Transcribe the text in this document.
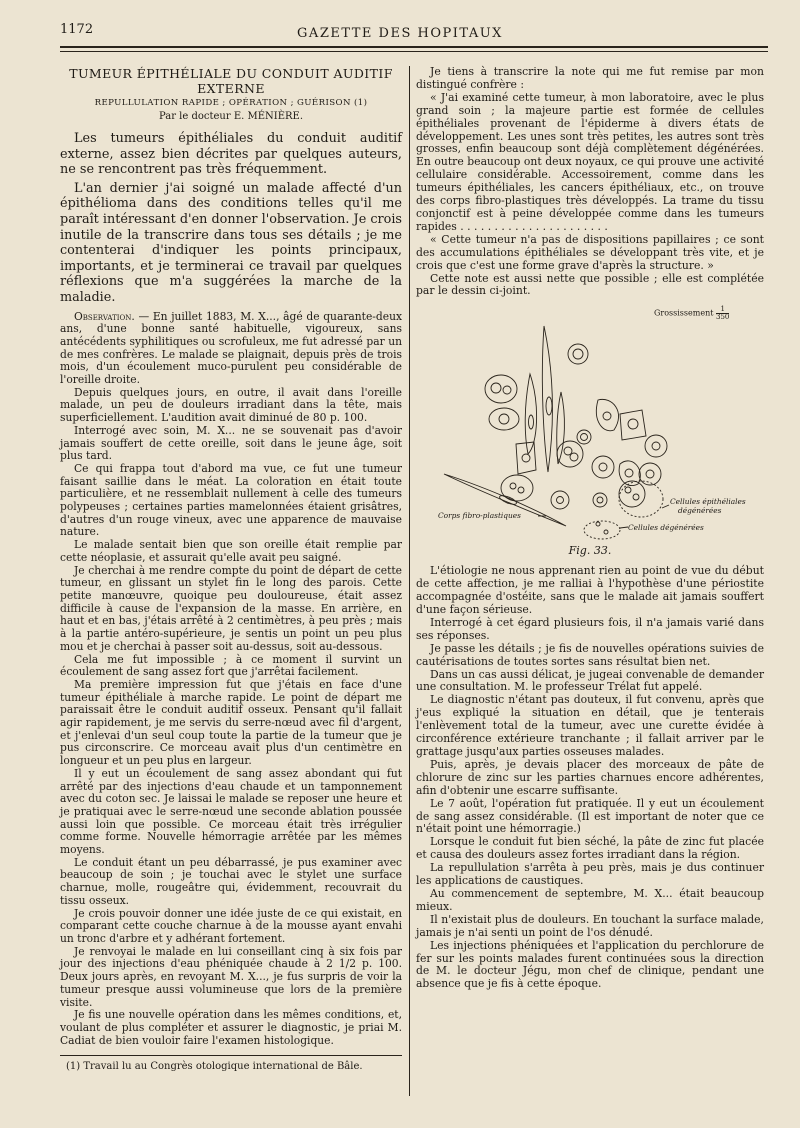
1172	GAZETTE DES HOPITAUX
TUMEUR ÉPITHÉLIALE DU CONDUIT AUDITIF EXTERNE
REPULLULATION RAPIDE ; OPÉRATION ; GUÉRISON (1)
Par le docteur E. MÉNIÈRE.

Les tumeurs épithéliales du conduit auditif externe, assez bien décrites par quelques auteurs, ne se rencontrent pas très fréquemment.

L'an dernier j'ai soigné un malade affecté d'un épithélioma dans des conditions telles qu'il me paraît intéressant d'en donner l'observation. Je crois inutile de la transcrire dans tous ses détails ; je me contenterai d'indiquer les points principaux, importants, et je terminerai ce travail par quelques réflexions que m'a suggérées la marche de la maladie.

Observation. — En juillet 1883, M. X..., âgé de quarante-deux ans, d'une bonne santé habituelle, vigoureux, sans antécédents syphilitiques ou scrofuleux, me fut adressé par un de mes confrères. Le malade se plaignait, depuis près de trois mois, d'un écoulement muco-purulent peu considérable de l'oreille droite.

Depuis quelques jours, en outre, il avait dans l'oreille malade, un peu de douleurs irradiant dans la tête, mais superficiellement. L'audition avait diminué de 80 p. 100.

Interrogé avec soin, M. X... ne se souvenait pas d'avoir jamais souffert de cette oreille, soit dans le jeune âge, soit plus tard.

Ce qui frappa tout d'abord ma vue, ce fut une tumeur faisant saillie dans le méat. La coloration en était toute particulière, et ne ressemblait nullement à celle des tumeurs polypeuses ; certaines parties mamelonnées étaient grisâtres, d'autres d'un rouge vineux, avec une apparence de mauvaise nature.

Le malade sentait bien que son oreille était remplie par cette néoplasie, et assurait qu'elle avait peu saigné.

Je cherchai à me rendre compte du point de départ de cette tumeur, en glissant un stylet fin le long des parois. Cette petite manœuvre, quoique peu douloureuse, était assez difficile à cause de l'expansion de la masse. En arrière, en haut et en bas, j'étais arrêté à 2 centimètres, à peu près ; mais à la partie antéro-supérieure, je sentis un point un peu plus mou et je cherchai à passer soit au-dessus, soit au-dessous.

Cela me fut impossible ; à ce moment il survint un écoulement de sang assez fort que j'arrêtai facilement.

Ma première impression fut que j'étais en face d'une tumeur épithéliale à marche rapide. Le point de départ me paraissait être le conduit auditif osseux. Pensant qu'il fallait agir rapidement, je me servis du serre-nœud avec fil d'argent, et j'enlevai d'un seul coup toute la partie de la tumeur que je pus circonscrire. Ce morceau avait plus d'un centimètre en longueur et un peu plus en largeur.

Il y eut un écoulement de sang assez abondant qui fut arrêté par des injections d'eau chaude et un tamponnement avec du coton sec. Je laissai le malade se reposer une heure et je pratiquai avec le serre-nœud une seconde ablation poussée aussi loin que possible. Ce morceau était très irrégulier comme forme. Nouvelle hémorragie arrêtée par les mêmes moyens.

Le conduit étant un peu débarrassé, je pus examiner avec beaucoup de soin ; je touchai avec le stylet une surface charnue, molle, rougeâtre qui, évidemment, recouvrait du tissu osseux.

Je crois pouvoir donner une idée juste de ce qui existait, en comparant cette couche charnue à de la mousse ayant envahi un tronc d'arbre et y adhérant fortement.

Je renvoyai le malade en lui conseillant cinq à six fois par jour des injections d'eau phéniquée chaude à 2 1/2 p. 100. Deux jours après, en revoyant M. X..., je fus surpris de voir la tumeur presque aussi volumineuse que lors de la première visite.

Je fis une nouvelle opération dans les mêmes conditions, et, voulant de plus compléter et assurer le diagnostic, je priai M. Cadiat de bien vouloir faire l'examen histologique.

(1) Travail lu au Congrès otologique international de Bâle.

Je tiens à transcrire la note qui me fut remise par mon distingué confrère :

« J'ai examiné cette tumeur, à mon laboratoire, avec le plus grand soin ; la majeure partie est formée de cellules épithéliales provenant de l'épiderme à divers états de développement. Les unes sont très petites, les autres sont très grosses, enfin beaucoup sont déjà complètement dégénérées. En outre beaucoup ont deux noyaux, ce qui prouve une activité cellulaire considérable. Accessoirement, comme dans les tumeurs épithéliales, les cancers épithéliaux, etc., on trouve des corps fibro-plastiques très développés. La trame du tissu conjonctif est à peine développée comme dans les tumeurs rapides . . . . . . . . . . . . . . . . . . . . . .

« Cette tumeur n'a pas de dispositions papillaires ; ce sont des accumulations épithéliales se développant très vite, et je crois que c'est une forme grave d'après la structure. »

Cette note est aussi nette que possible ; elle est complétée par le dessin ci-joint.

Grossissement $\frac{1}{350}$
Cellules épithéliales
dégénérées
Corps fibro-plastiques
Cellules dégénérées
Fig. 33.

L'étiologie ne nous apprenant rien au point de vue du début de cette affection, je me ralliai à l'hypothèse d'une périostite accompagnée d'ostéite, sans que le malade ait jamais souffert d'une façon sérieuse.

Interrogé à cet égard plusieurs fois, il n'a jamais varié dans ses réponses.

Je passe les détails ; je fis de nouvelles opérations suivies de cautérisations de toutes sortes sans résultat bien net.

Dans un cas aussi délicat, je jugeai convenable de demander une consultation. M. le professeur Trélat fut appelé.

Le diagnostic n'étant pas douteux, il fut convenu, après que j'eus expliqué la situation en détail, que je tenterais l'enlèvement total de la tumeur, avec une curette évidée à circonférence extérieure tranchante ; il fallait arriver par le grattage jusqu'aux parties osseuses malades.

Puis, après, je devais placer des morceaux de pâte de chlorure de zinc sur les parties charnues encore adhérentes, afin d'obtenir une escarre suffisante.

Le 7 août, l'opération fut pratiquée. Il y eut un écoulement de sang assez considérable. (Il est important de noter que ce n'était point une hémorragie.)

Lorsque le conduit fut bien séché, la pâte de zinc fut placée et causa des douleurs assez fortes irradiant dans la région.

La repullulation s'arrêta à peu près, mais je dus continuer les applications de caustiques.

Au commencement de septembre, M. X... était beaucoup mieux.

Il n'existait plus de douleurs. En touchant la surface malade, jamais je n'ai senti un point de l'os dénudé.

Les injections phéniquées et l'application du perchlorure de fer sur les points malades furent continuées sous la direction de M. le docteur Jégu, mon chef de clinique, pendant une absence que je fis à cette époque.
